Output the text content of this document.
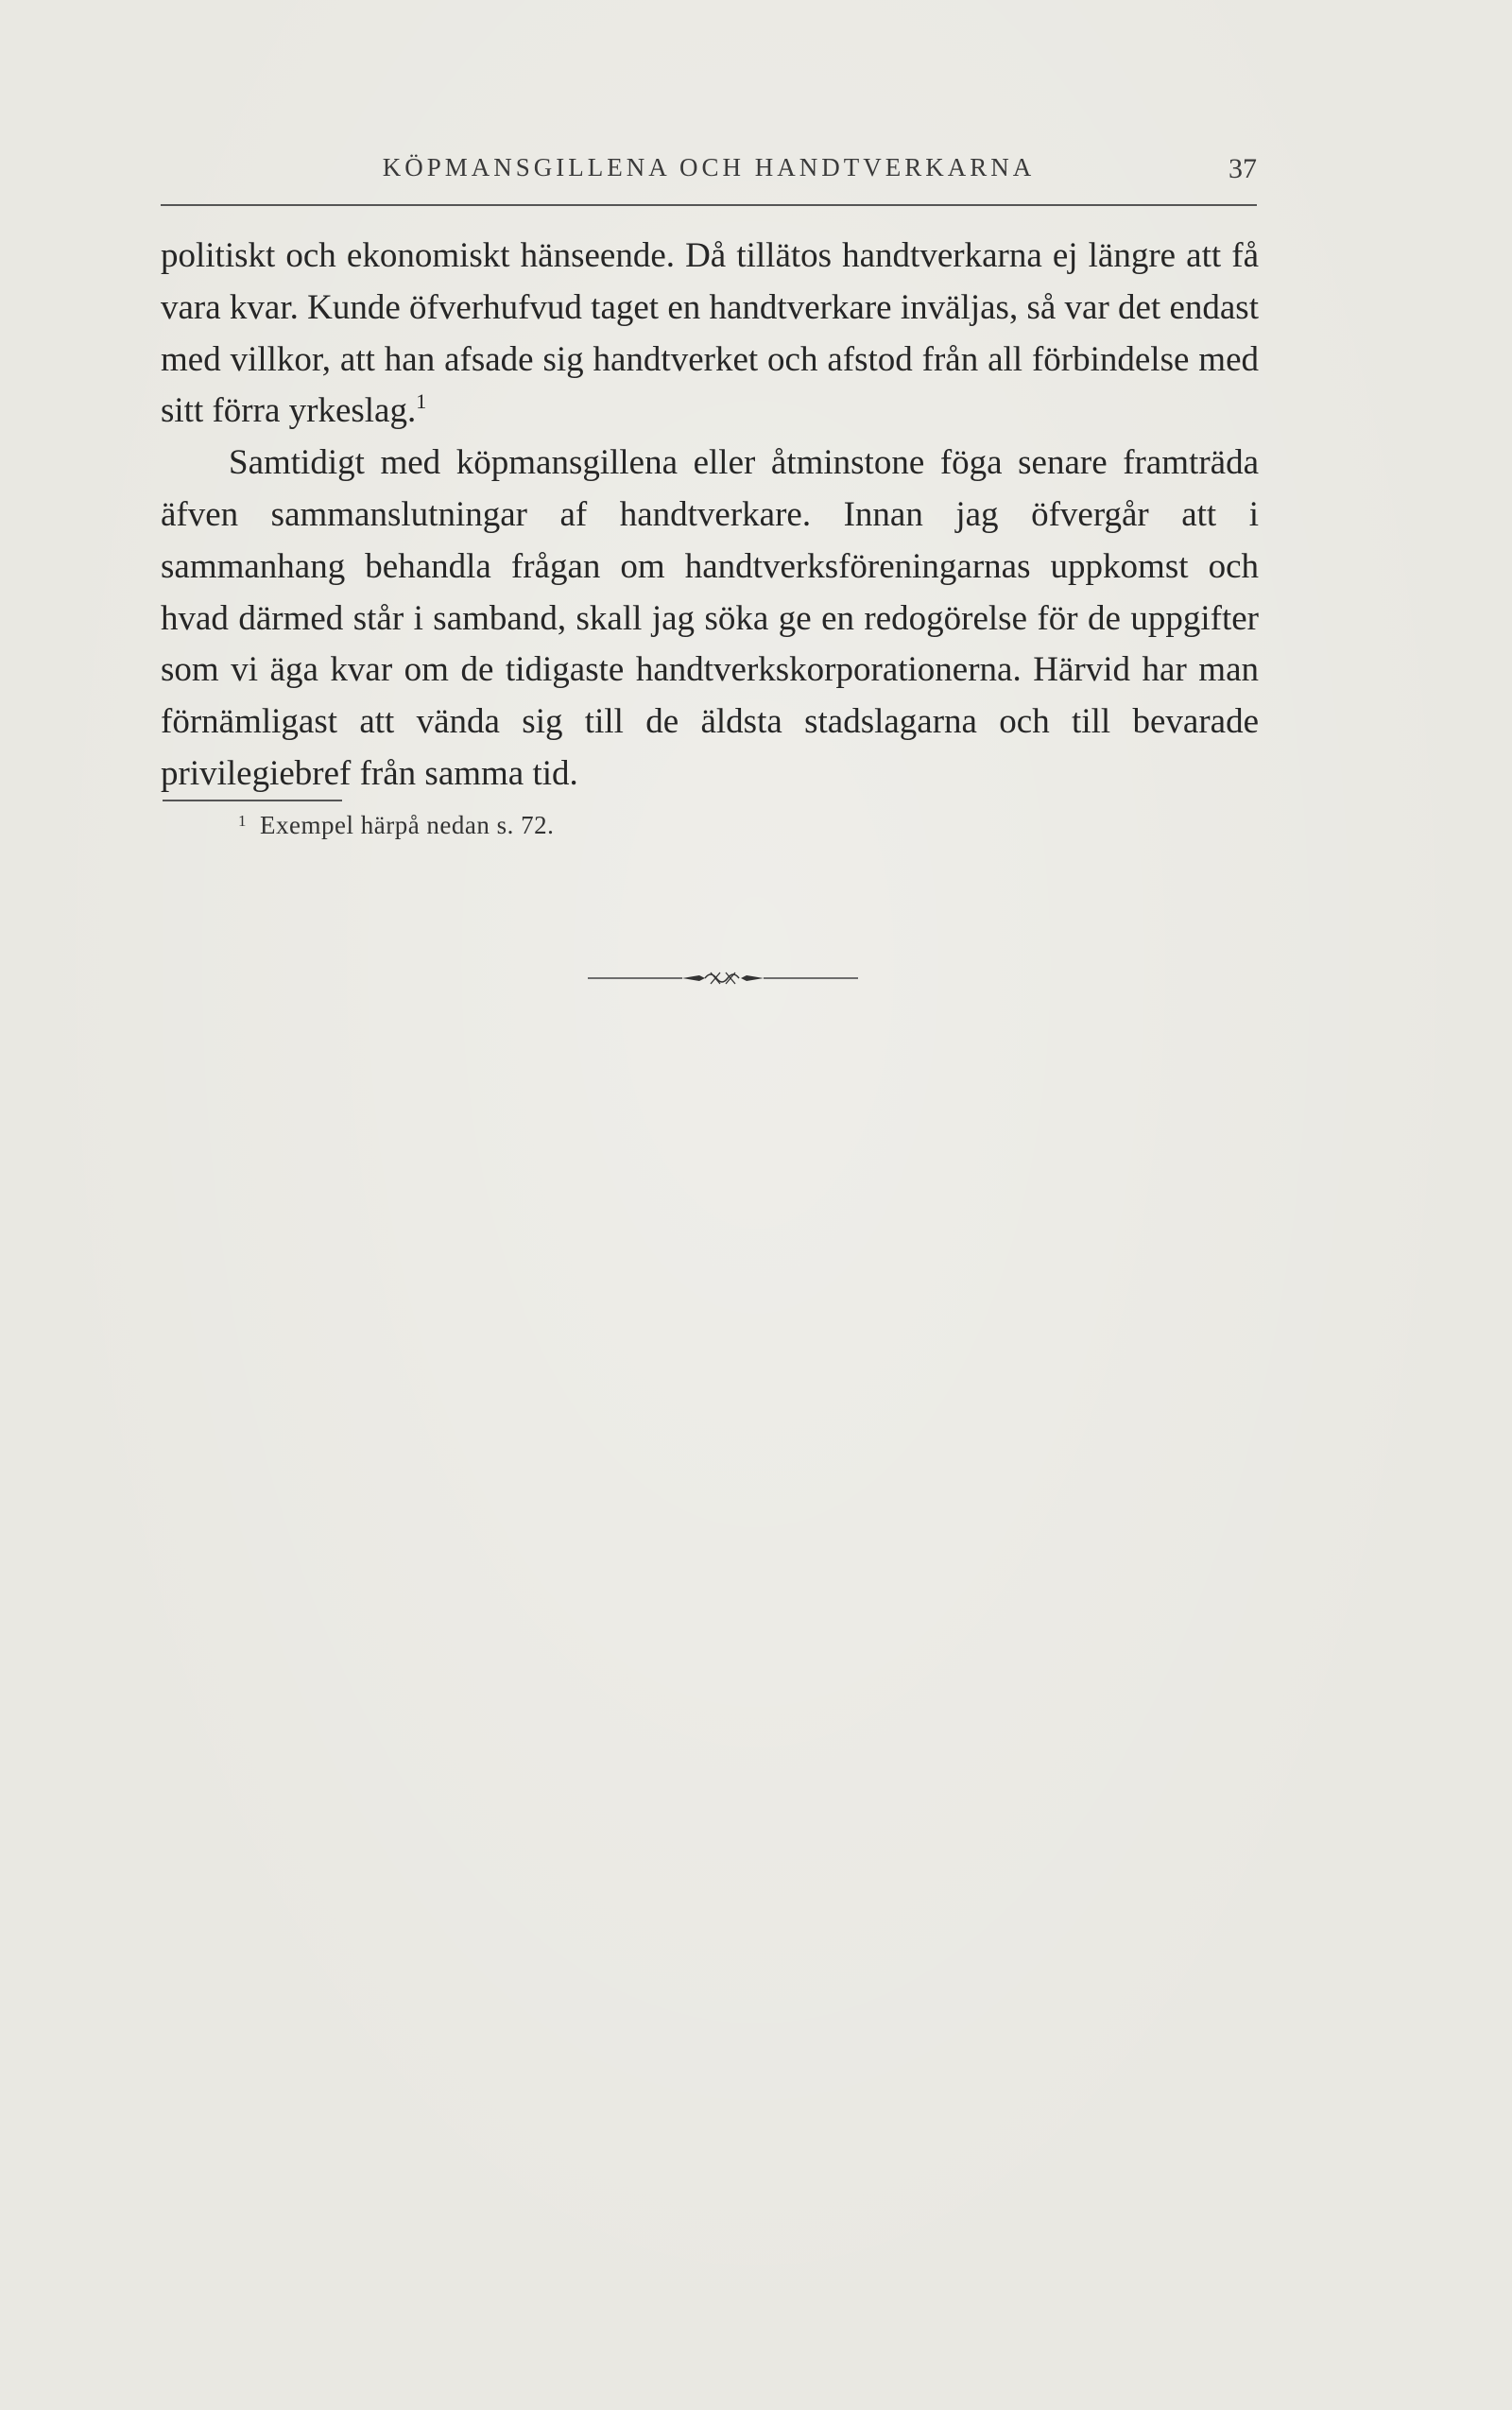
KÖPMANSGILLENA OCH HANDTVERKARNA	37

politiskt och ekonomiskt hänseende. Då tillätos handtverkarna ej längre att få vara kvar. Kunde öfverhufvud taget en handtverkare inväljas, så var det endast med villkor, att han afsade sig handtverket och afstod från all förbindelse med sitt förra yrkeslag.$^1$

Samtidigt med köpmansgillena eller åtminstone föga senare framträda äfven sammanslutningar af handtverkare. Innan jag öfvergår att i sammanhang behandla frågan om handtverksföreningarnas uppkomst och hvad därmed står i samband, skall jag söka ge en redogörelse för de uppgifter som vi äga kvar om de tidigaste handtverkskorporationerna. Härvid har man förnämligast att vända sig till de äldsta stadslagarna och till bevarade privilegiebref från samma tid.

$^1$ Exempel härpå nedan s. 72.
